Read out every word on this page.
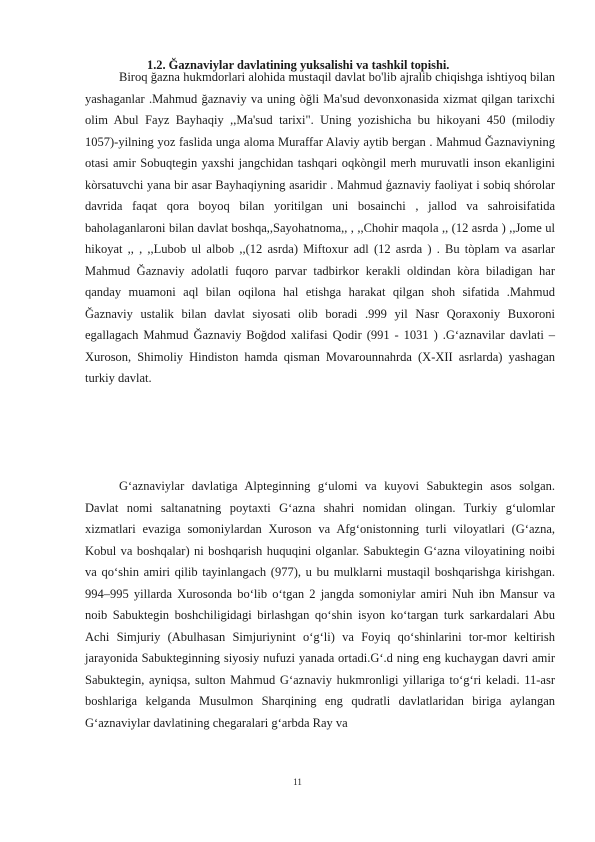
1.2. Ğaznaviylar davlatining yuksalishi va tashkil topishi.

Biroq ğazna hukmdorlari alohida mustaqil davlat bo'lib ajralib chiqishga ishtiyoq bilan yashaganlar .Mahmud ğaznaviy va uning òğli Ma'sud devonxonasida xizmat qilgan tarixchi olim Abul Fayz Bayhaqiy ,,Ma'sud tarixi". Uning yozishicha bu hikoyani 450 (milodiy 1057)-yilning yoz faslida unga aloma Muraffar Alaviy aytib bergan . Mahmud Ğaznaviyning otasi amir Sobuqtegin yaxshi jangchidan tashqari oqkòngil merh muruvatli inson ekanligini kòrsatuvchi yana bir asar Bayhaqiyning asaridir . Mahmud ģaznaviy faoliyat i sobiq shórolar davrida faqat qora boyoq bilan yoritilgan uni bosainchi , jallod va sahroisifatida baholaganlaroni bilan davlat boshqa,,Sayohatnoma,, , ,,Chohir maqola ,, (12 asrda ) ,,Jome ul hikoyat ,, , ,,Lubob ul albob ,,(12 asrda) Miftoxur adl (12 asrda ) . Bu tòplam va asarlar Mahmud Ğaznaviy adolatli fuqoro parvar tadbirkor kerakli oldindan kòra biladigan har qanday muamoni aql bilan oqilona hal etishga harakat qilgan shoh sifatida .Mahmud Ğaznaviy ustalik bilan davlat siyosati olib boradi .999 yil Nasr Qoraxoniy Buxoroni egallagach Mahmud Ğaznaviy Boğdod xalifasi Qodir (991 - 1031 ) .G‘aznavilar davlati – Xuroson, Shimoliy Hindiston hamda qisman Movarounnahrda (X-XII asrlarda) yashagan turkiy davlat.

G‘aznaviylar davlatiga Alpteginning g‘ulomi va kuyovi Sabuktegin asos solgan. Davlat nomi saltanatning poytaxti G‘azna shahri nomidan olingan. Turkiy g‘ulomlar xizmatlari evaziga somoniylardan Xuroson va Afg‘onistonning turli viloyatlari (G‘azna, Kobul va boshqalar) ni boshqarish huquqini olganlar. Sabuktegin G‘azna viloyatining noibi va qo‘shin amiri qilib tayinlangach (977), u bu mulklarni mustaqil boshqarishga kirishgan. 994–995 yillarda Xurosonda bo‘lib o‘tgan 2 jangda somoniylar amiri Nuh ibn Mansur va noib Sabuktegin boshchiligidagi birlashgan qo‘shin isyon ko‘targan turk sarkardalari Abu Achi Simjuriy (Abulhasan Simjuriynint o‘g‘li) va Foyiq qo‘shinlarini tor-mor keltirish jarayonida Sabukteginning siyosiy nufuzi yanada ortadi.G‘.d ning eng kuchaygan davri amir Sabuktegin, ayniqsa, sulton Mahmud G‘aznaviy hukmronligi yillariga to‘g‘ri keladi. 11-asr boshlariga kelganda Musulmon Sharqining eng qudratli davlatlaridan biriga aylangan G‘aznaviylar davlatining chegaralari g‘arbda Ray va

11
